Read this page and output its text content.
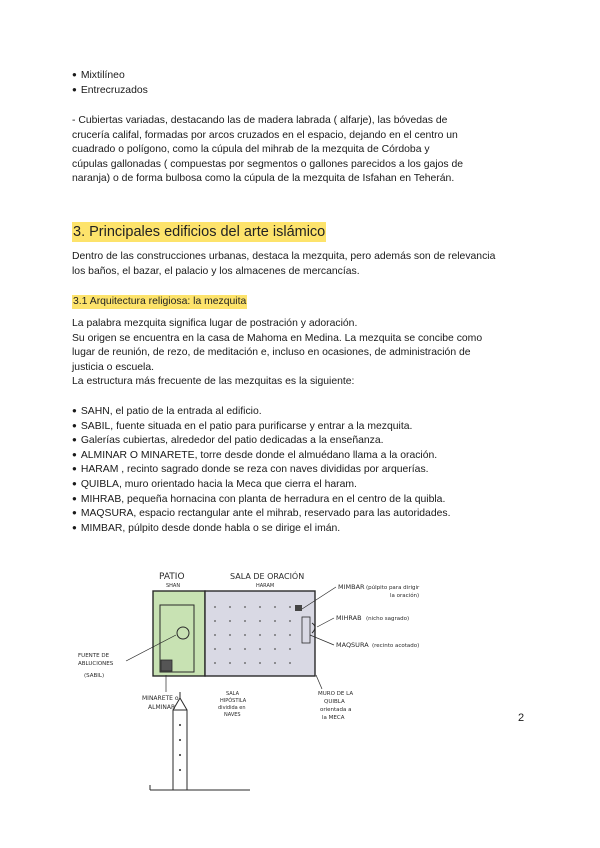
● Mixtilíneo
● Entrecruzados
- Cubiertas variadas, destacando las de madera labrada ( alfarje), las bóvedas de
crucería califal, formadas por arcos cruzados en el espacio, dejando en el centro un
cuadrado o polígono, como la cúpula del mihrab de la mezquita de Córdoba y
cúpulas gallonadas ( compuestas por segmentos o gallones parecidos a los gajos de
naranja) o de forma bulbosa como la cúpula de la mezquita de Isfahan en Teherán.
3. Principales edificios del arte islámico
Dentro de las construcciones urbanas, destaca la mezquita, pero además son de relevancia
los baños, el bazar, el palacio y los almacenes de mercancías.
3.1 Arquitectura religiosa: la mezquita
La palabra mezquita significa lugar de postración y adoración.
Su origen se encuentra en la casa de Mahoma en Medina. La mezquita se concibe como
lugar de reunión, de rezo, de meditación e, incluso en ocasiones, de administración de
justicia o escuela.
La estructura más frecuente de las mezquitas es la siguiente:
● SAHN, el patio de la entrada al edificio.
● SABIL, fuente situada en el patio para purificarse y entrar a la mezquita.
● Galerías cubiertas, alrededor del patio dedicadas a la enseñanza.
● ALMINAR O MINARETE, torre desde donde el almuédano llama a la oración.
● HARAM , recinto sagrado donde se reza con naves divididas por arquerías.
● QUIBLA, muro orientado hacia la Meca que cierra el haram.
● MIHRAB, pequeña hornacina con planta de herradura en el centro de la quibla.
● MAQSURA, espacio rectangular ante el mihrab, reservado para las autoridades.
● MIMBAR, púlpito desde donde habla o se dirige el imán.
PATIO
SHAN
SALA DE ORACIÓN
HARAM	MIMBAR (púlpito para dirigir
la oración)
MIHRAB (nicho sagrado)
MAQSURA (recinto acotado)
FUENTE DE
ABLUCIONES
(SABIL)
MINARETE o
ALMINAR
SALA
HIPÓSTILA
dividida en
NAVES
MURO DE LA
QUIBLA
orientada a
la MECA	2
